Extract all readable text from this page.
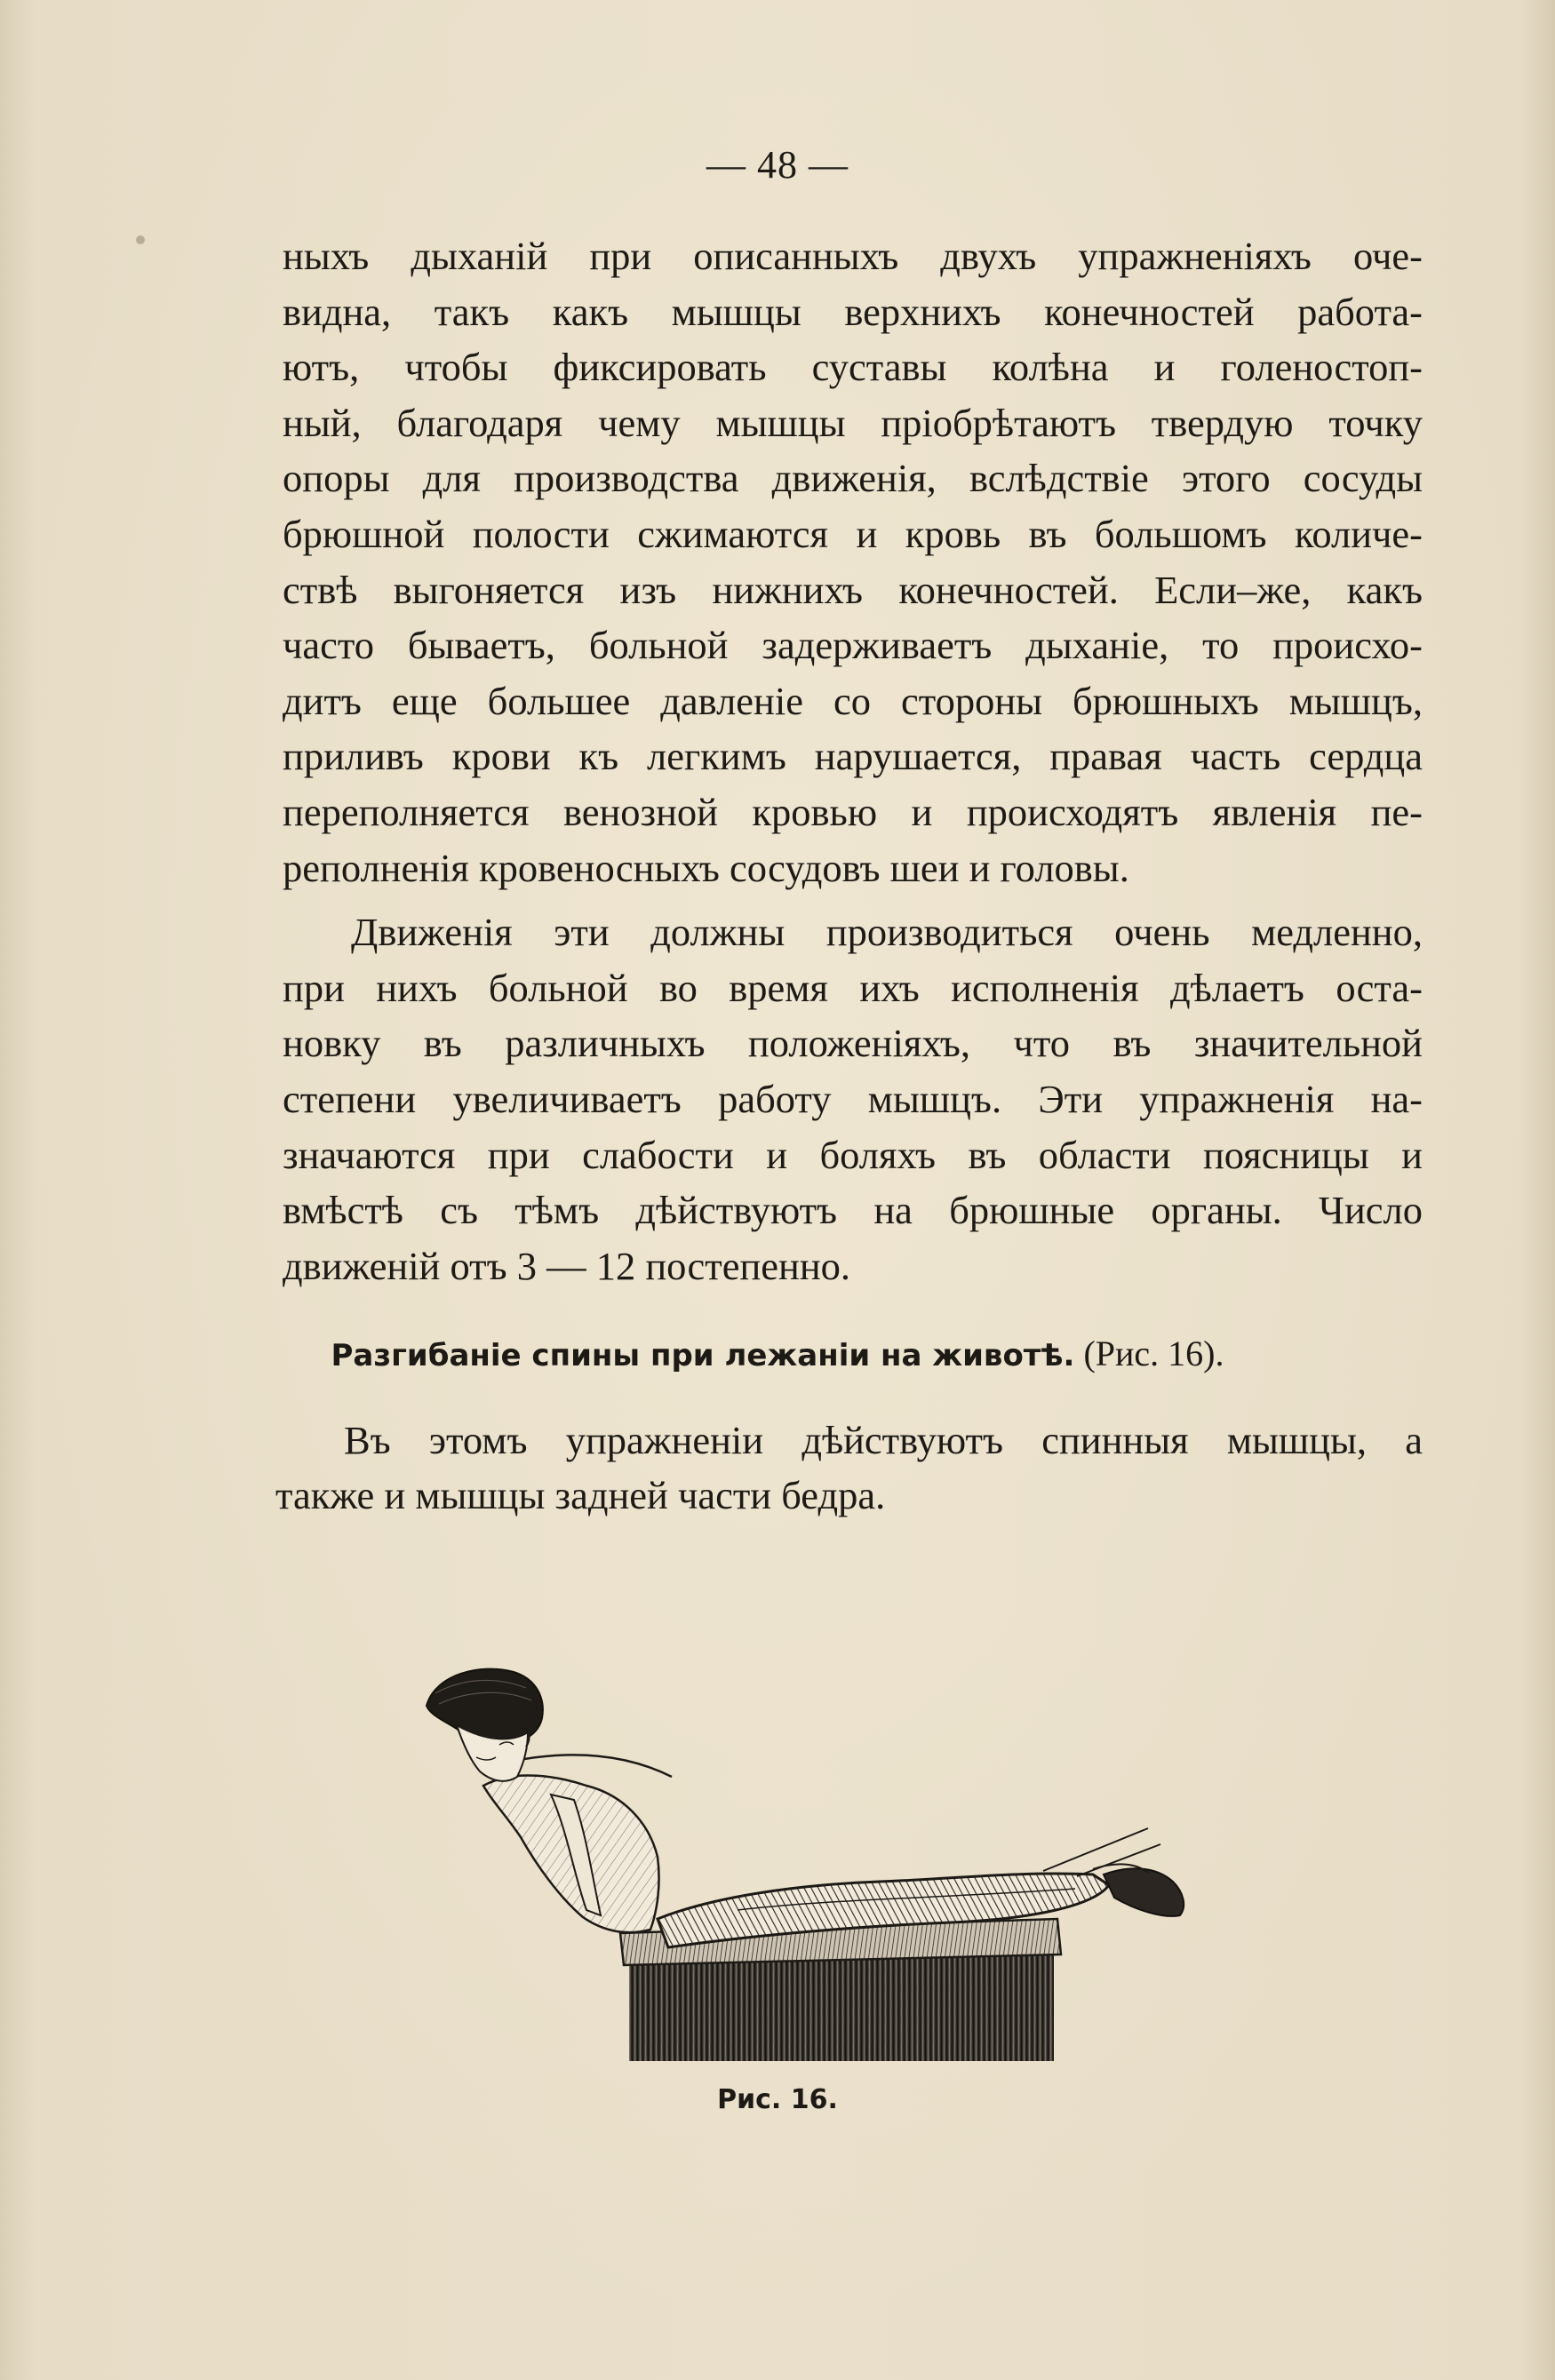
— 48 —
ныхъ дыханій при описанныхъ двухъ упражненіяхъ оче-
видна, такъ какъ мышцы верхнихъ конечностей работа-
ютъ, чтобы фиксировать суставы колѣна и голеностоп-
ный, благодаря чему мышцы пріобрѣтаютъ твердую точку
опоры для производства движенія, вслѣдствіе этого сосуды
брюшной полости сжимаются и кровь въ большомъ количе-
ствѣ выгоняется изъ нижнихъ конечностей. Если–же, какъ
часто бываетъ, больной задерживаетъ дыханіе, то происхо-
дитъ еще большее давленіе со стороны брюшныхъ мышцъ,
приливъ крови къ легкимъ нарушается, правая часть сердца
переполняется венозной кровью и происходятъ явленія пе-
реполненія кровеносныхъ сосудовъ шеи и головы.
Движенія эти должны производиться очень медленно,
при нихъ больной во время ихъ исполненія дѣлаетъ оста-
новку въ различныхъ положеніяхъ, что въ значительной
степени увеличиваетъ работу мышцъ. Эти упражненія на-
значаются при слабости и боляхъ въ области поясницы и
вмѣстѣ съ тѣмъ дѣйствуютъ на брюшные органы. Число
движеній отъ 3 — 12 постепенно.
Разгибаніе спины при лежаніи на животѣ. (Рис. 16).
Въ этомъ упражненіи дѣйствуютъ спинныя мышцы, а
также и мышцы задней части бедра.
Рис. 16.
